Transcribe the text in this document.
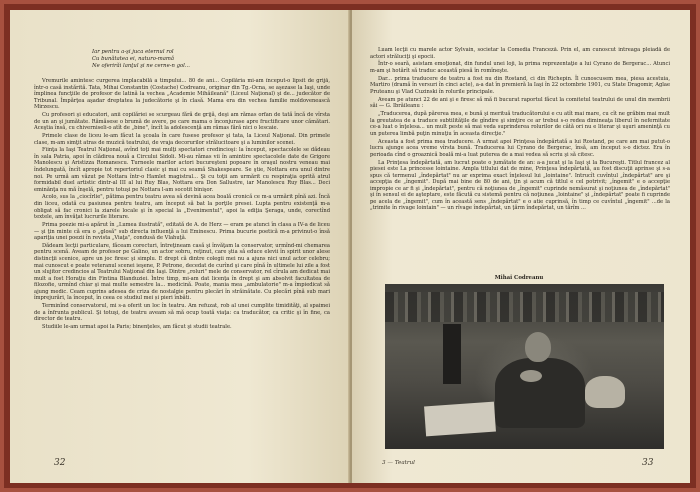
Iar pentru a-şi juca eternul rol
Cu bunătatea ei, naturo-mamă
Ne oferirăi lanţul şi ne cerne-n gol...

Vremurile amintesc curgerea implacabilă a timpului... 80 de ani... Copilăria mi-am început-o lipsit de grijă, într-o casă instărită. Tata, Mihai Constantin (Costache) Codreanu, originar din Tg.-Ocna, se aşezase la Iaşi, unde împlinea funcţiile de profesor de latină la vechea „Academie Mihăileană" (Liceul Naţional) şi de... judecător de Tribunal. Împărţea aşadar dreptatea la judecătorie şi în clasă. Mama era din vechea familie moldovenească Mirzescu.

Cu profesori şi educatori, anii copilăriei se scurgeau fără de grijă, deşi am rămas orfan de tată încă de vîrsta de un an şi jumătate. Rămăsese o brumă de avere, pe care mama o înconjurase apre fructificare unor cămătari. Aceştia însă, cu chiverniseli-o atît de „bine", încît la adolescenţă am rămas fără nici o lescaie.

Primele clase de liceu le-am făcut la şcoala în care fusese profesor şi tata, la Liceul Naţional. Din primele clase, m-am simţit atras de muzică teatrului, de vraja decorurilor strălucitoare şi a luminilor scenei.

Fiinţa la Iaşi Teatrul Naţional, avînd toţi mai mulţi spectatori credincioşi: la început, spectacolele se dădeau în sala Patria, apoi în clădirea nouă a Circului Sidoli. Mi-au rămas vii în amintire spectacolele date de Grigore Manolescu şi Aristizza Romanescu. Turneele marilor actori bucureşteni popoare în oraşul nostru veneau mai îndelungată, încît apropie tot repertoriul clasic şi mai cu seamă Shakespeare. Se ştie, Nottara era unul dintre noi. Pe urmă am văzut pe Nottara într-o Hamlet magistral... Şi cu toţii am urmărit cu respiraţia oprită atrul formidabil duel artistic dintr-al III al lui Ruy Blas, Nottara era Don Sallustre, iar Manolescu Ruy Blas... Deci eminănţa nu mă înşelă, pentru totuşi pe Nottara l-am socotit binişor.

Acolo, sus la „ciocîrlie", pătima pentru teatru avea să devină acea boală cronică ce m-a urmărit pînă azi. Încă din liceu, odată cu pasiunea pentru teatru, am început să bat la porţile presei. Lupta pentru existenţă m-a obligat să fac cronici la ziarele locale şi în special la „Evenimentul", apoi la ediţia Şeraga, unde, corectînd textele, am învăţat lucrurile literare.

Prima poezie mi-a apărut în „Lumea ilustrată", editată de A. de Herz — eram pe atunci în clasa a IV-a de liceu — şi ţin minte că era o „glosă" sub directa influenţă a lui Eminescu. Prima bucurie poetică m-a privinut-o însă apariţia unei poezii în revista „Viaţa", condusă de Vlahuţă.

Dădeam lecţii particulare, făceam corecturi, întreţineam casă şi învăţam la conservator, urmînd-mi chemarea pentru scenă. Aveam de profesor pe Galino, un actor sobru, reţinut, care ştia să educe elevii în spirit unor alese distincţii scenice, apre un joc firesc şi simplu. E drept că dintre colegii mei nu a ajuns nici unul actor celebru; mai cunoscut e poate veteranul scenei ieşene, P. Petrone, decedat de curînd şi care pînă în ultimele lui zile a fost un slujitor credincios al Teatrului Naţional din Iaşi. Dintre „roluri" mele de conservator, rel cîrula am dedicat mai mult a fost Horaţiu din Fintina Blanduziei. Între timp, mi-am dat licenţa în drept şi am absolvit facultatea de filozofie, urmînd chiar şi mai multe semestre la... medicină. Poate, mania mea „ambulatorie" m-a împiedicat să ajung medic. Ceam cuprins adesea de criza de nostalgie pentru plecări în străinătate. Cu plecări pînă sub mari împrejurări, la început, în ceea ce studiul mei și pieri înbăti.

Terminînd conservatorul, mi s-a oferit un loc în teatru. Am refuzat, rob al unei cumplite timidităţi, al spaimei de a înfrunta publicul. Şi totuşi, de teatru aveam să mă ocup toată viaţa: ca traducător, ca critic şi în fine, ca director de teatru.

Studiile le-am urmat apoi la Paris; binenţeles, am făcut şi studii teatrale.

32

Luam lecţii cu marele actor Sylvain, societar la Comedia Franceză. Prin el, am cunoscut intreaga pleiadă de actori străluciţi şi epocii.

Într-o seară, asistam emoţionat, din fundul unei loji, la prima reprezentaţie a lui Cyrano de Bergerac... Atunci m-am şi hotărît să traduc această piesă în romîneşte.

Dar... prima traducere de teatru a fost nu din Rostand, ci din Richepin. Îl cunoscusem mea, piesa acestuia, Martiro (dramă în versuri în cinci acte), a-a dat în premieră la Iaşi în 22 octombrie 1901, cu State Dragomir, Aglae Pruteanu şi Vlad Cuzinski în rolurile principale.

Aveam pe atunci 22 de ani şi e firesc să mă fi bucurat raportul făcut la comitetul teatrului de unul din membrii săi — G. Ibrăileanu :

„Traducerea, după părerea mea, e bună şi merituă traducătorului e cu atît mai mare, cu cît ne grăbim mai mult la greutatea de a traduce subtilităţile de gîndire şi simţire ce ar trebui s-o redea dimineaţa liberul în nefernitate ce-a luat o înţelesa... un mult peste să mai veda suprinderea rolurilor de câtă ori nu e literar şi uşuri ameninţă cu un puterea limbă puţin minuţiu în aceasta direcţie."

Aceasta a fost prima mea traducere. A urmat apoi Prinţesa îndepărtată a lui Rostand, pe care am mai putut-o lucra ajunge acea vreme vîrsta bună. Traducerea lui Cyrano de Bergerac, însă, am început s-o dictez. Era în perioada cînd o groaznică boală mi-a luat puterea de a mai vedea să scriu şi să citesc.

La Prinţesa îndepărtată, am lucrat poate o jumătate de an: a-a jucat şi la Iaşi şi la Bucureşti. Titlul francez al piesei este La princesse lointaine. Ampla titlului dat de mine, Prinţesa îndepărtată, au fost discuţii aprinse şi s-a spus că termenul „îndepărtat" nu ar exprima exact înţelesul lui „lointaine". Intrucît cuvîntul „îndepărtat" are şi accepţia de „îngemit". După mai bine de 80 de ani, ţin şi acum că titlul e cel potrivit; „îngemit" e o accepţie impropie ce ar fi şi „îndepărtat", pentru că noţiunea de „îngemit" cuprinde nemăsurat şi noţiunea de „îndepărtat" şi în sensul ei de aşteptare, este făcută cu sistemă pentru că noţiunea „lointaine" şi „îndepărtat" poate fi cuprinde pe acela de „îngemit", cum în această sens „îndepărtat" e o atie cuprinsă, în timp ce cuvîntul „îngemit" ...de la „trimite în rivage lointain" — un rîvage îndepărtat, un ţărm îndepărtat, un tărîm ...

Mihai Codreanu
3 — Teatrul	33
